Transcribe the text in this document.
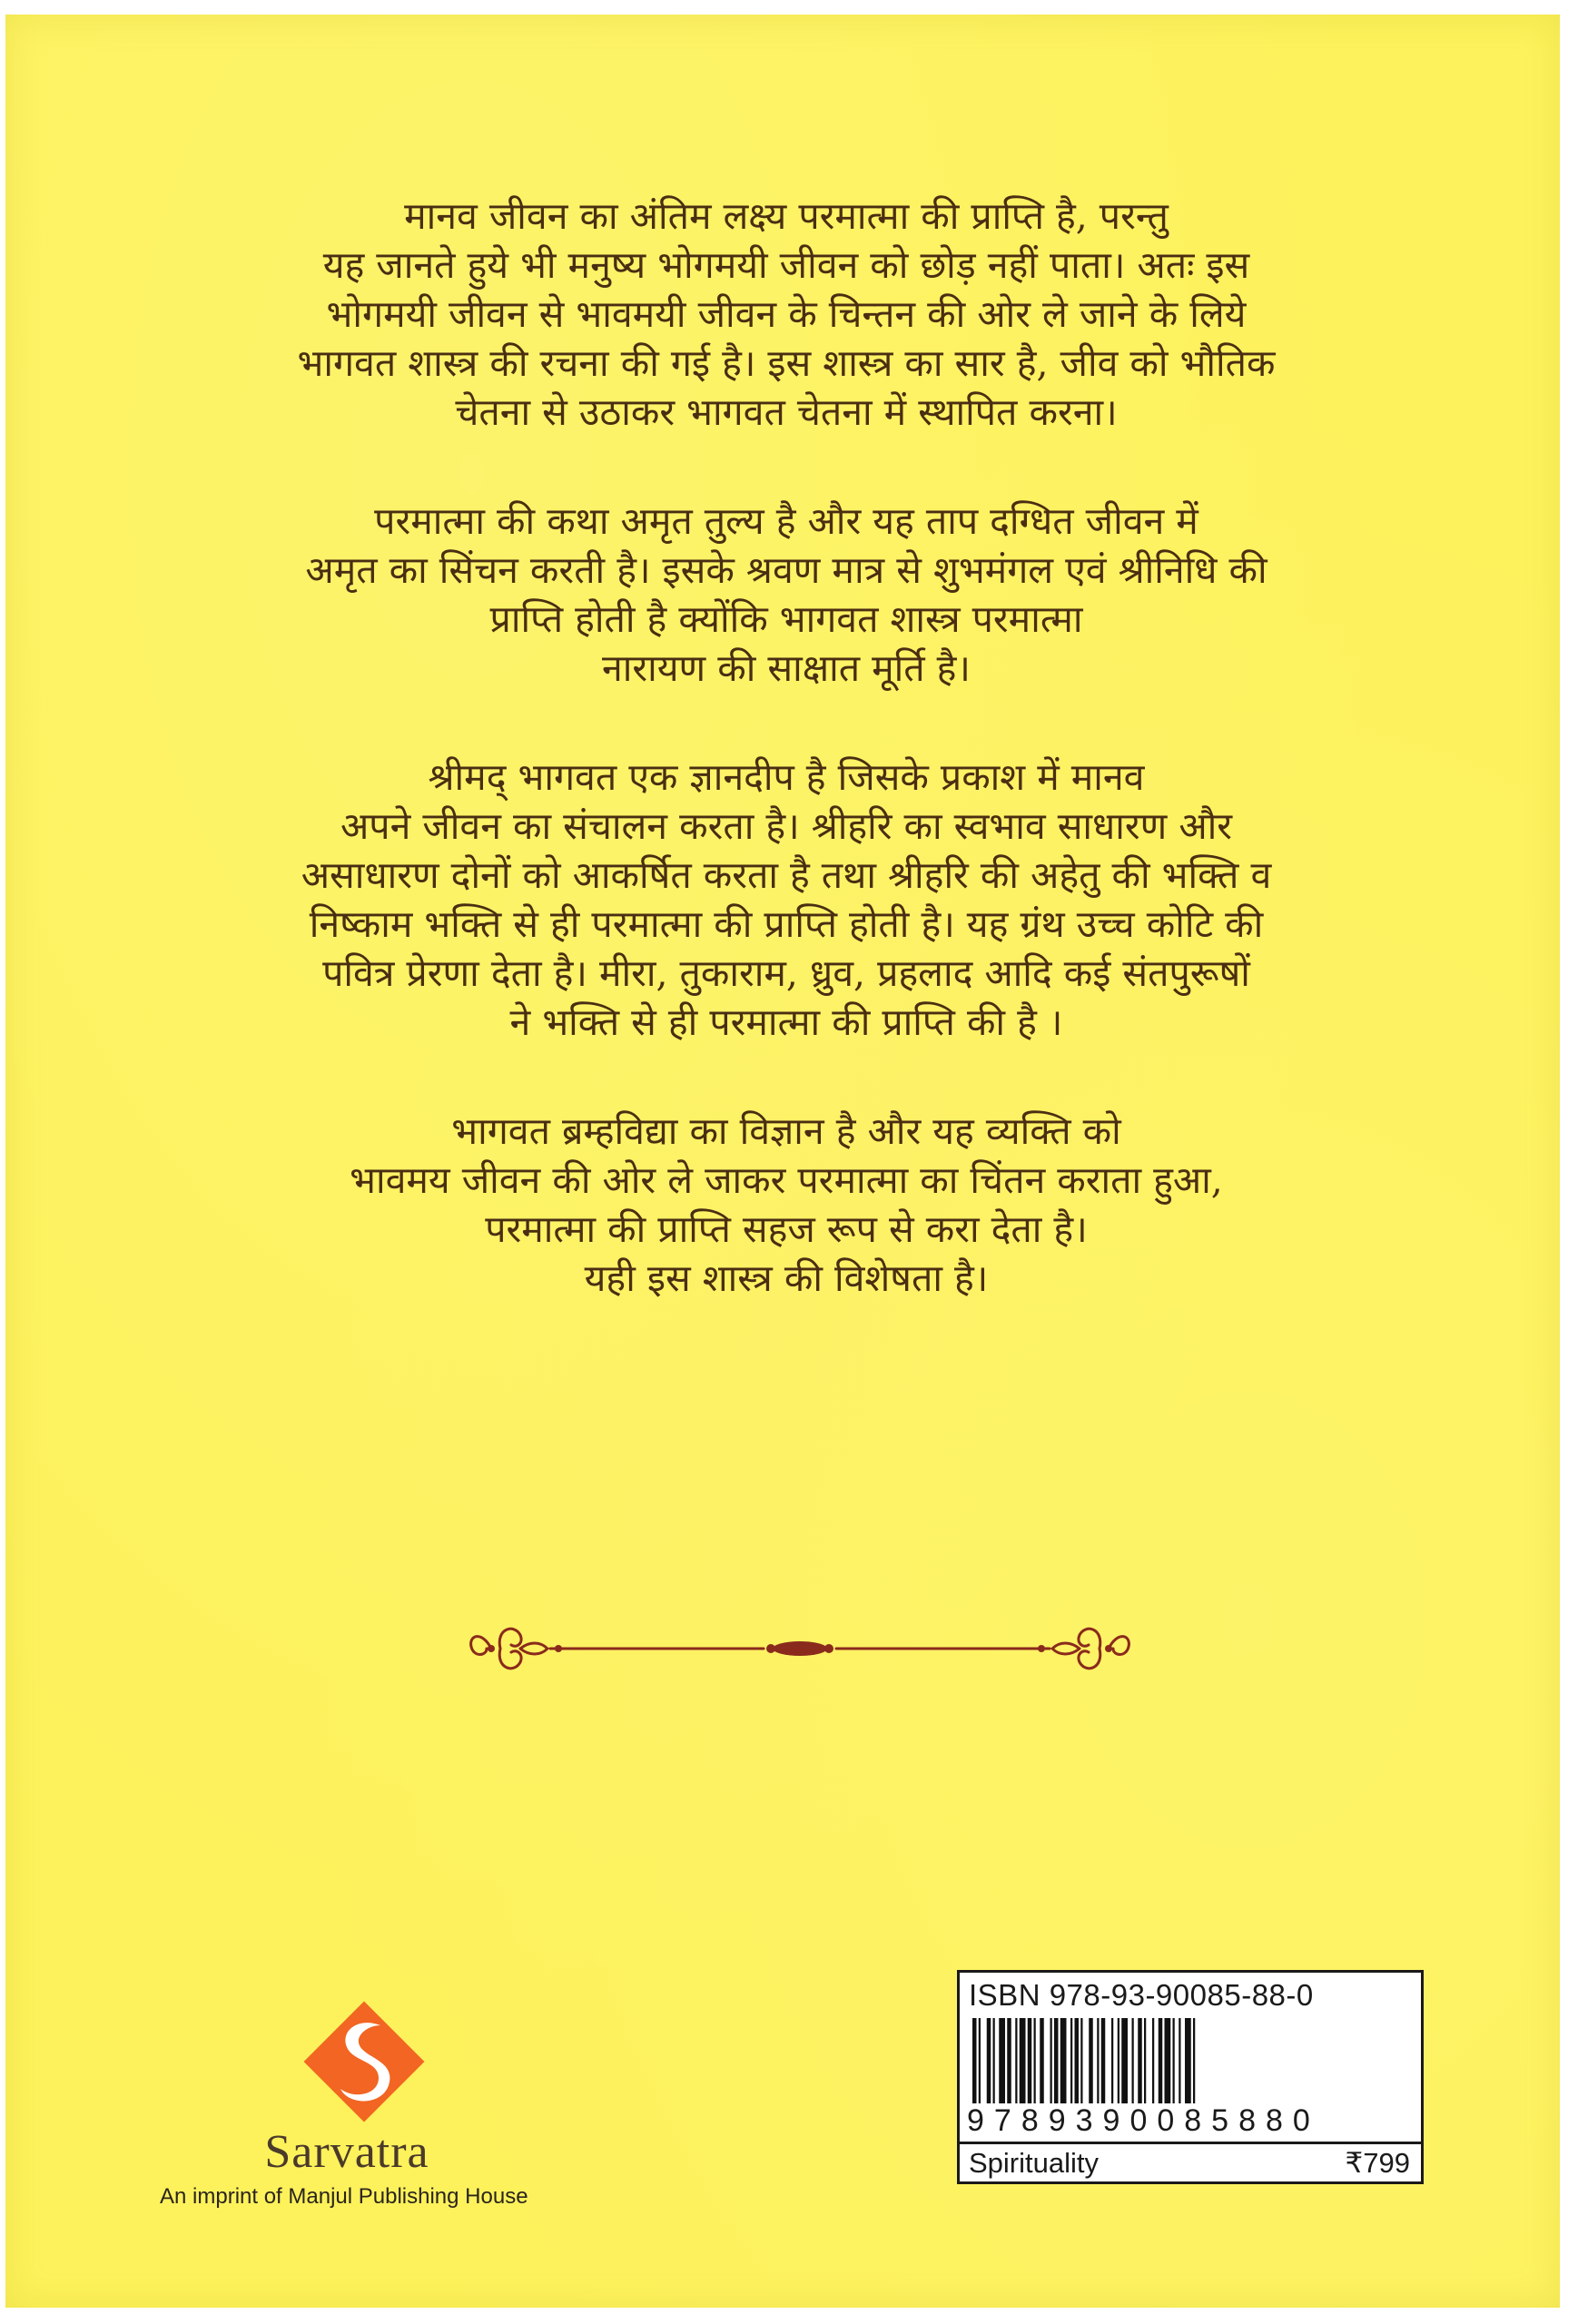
मानव जीवन का अंतिम लक्ष्य परमात्मा की प्राप्ति है, परन्तु
यह जानते हुये भी मनुष्य भोगमयी जीवन को छोड़ नहीं पाता। अतः इस
भोगमयी जीवन से भावमयी जीवन के चिन्तन की ओर ले जाने के लिये
भागवत शास्त्र की रचना की गई है। इस शास्त्र का सार है, जीव को भौतिक
चेतना से उठाकर भागवत चेतना में स्थापित करना।

परमात्मा की कथा अमृत तुल्य है और यह ताप दग्धित जीवन में
अमृत का सिंचन करती है। इसके श्रवण मात्र से शुभमंगल एवं श्रीनिधि की
प्राप्ति होती है क्योंकि भागवत शास्त्र परमात्मा
नारायण की साक्षात मूर्ति है।

श्रीमद् भागवत एक ज्ञानदीप है जिसके प्रकाश में मानव
अपने जीवन का संचालन करता है। श्रीहरि का स्वभाव साधारण और
असाधारण दोनों को आकर्षित करता है तथा श्रीहरि की अहेतु की भक्ति व
निष्काम भक्ति से ही परमात्मा की प्राप्ति होती है। यह ग्रंथ उच्च कोटि की
पवित्र प्रेरणा देता है। मीरा, तुकाराम, ध्रुव, प्रहलाद आदि कई संतपुरूषों
ने भक्ति से ही परमात्मा की प्राप्ति की है ।

भागवत ब्रम्हविद्या का विज्ञान है और यह व्यक्ति को
भावमय जीवन की ओर ले जाकर परमात्मा का चिंतन कराता हुआ,
परमात्मा की प्राप्ति सहज रूप से करा देता है।
यही इस शास्त्र की विशेषता है।

Sarvatra
An imprint of Manjul Publishing House
ISBN 978-93-90085-88-0
9789390085880
Spirituality	₹799
